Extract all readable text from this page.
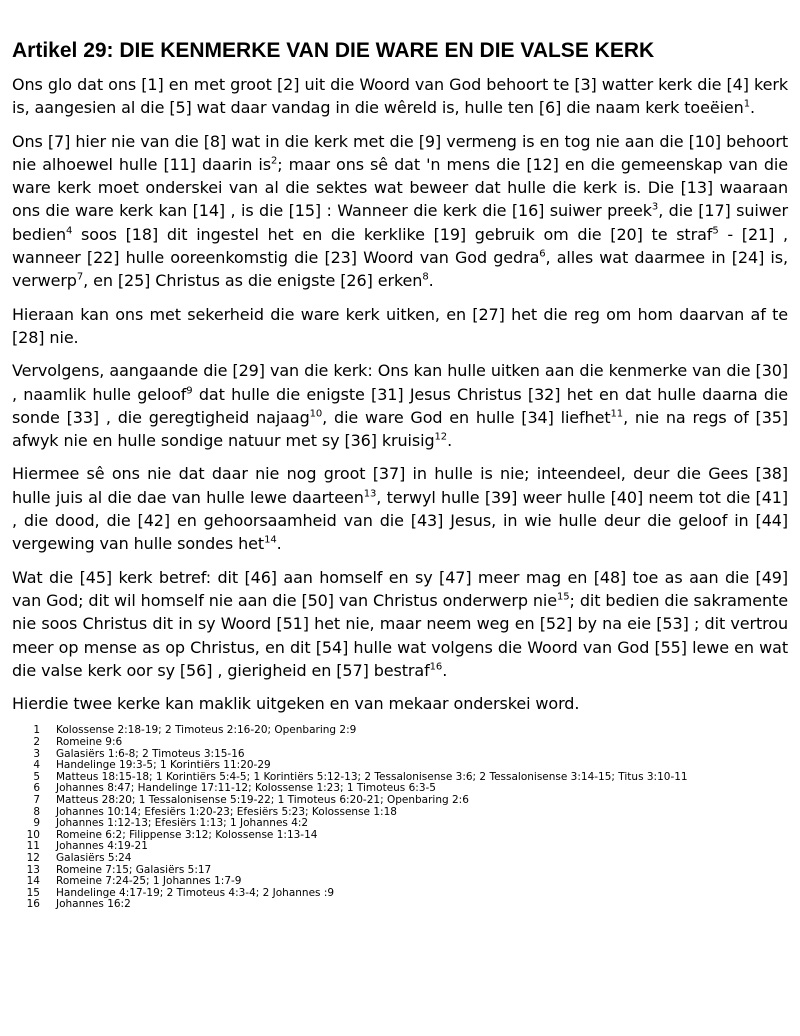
Artikel 29: DIE KENMERKE VAN DIE WARE EN DIE VALSE KERK

Ons glo dat ons [1] en met groot [2] uit die Woord van God behoort te [3] watter kerk die [4] kerk is, aangesien al die [5] wat daar vandag in die wêreld is, hulle ten [6] die naam kerk toeëien$^1$.

Ons [7] hier nie van die [8] wat in die kerk met die [9] vermeng is en tog nie aan die [10] behoort nie alhoewel hulle [11] daarin $is^2$; maar ons sê dat 'n mens die [12] en die gemeenskap van die ware kerk moet onderskei van al die sektes wat beweer dat hulle die kerk is. Die [13] waaraan ons die ware kerk kan [14] , is die [15] : Wanneer die kerk die [16] suiwer preek$^3$, die [17] suiwer bedien$^4$ soos [18] dit ingestel het en die kerklike [19] gebruik om die [20] te straf$^5$ - [21] , wanneer [22] hulle ooreenkomstig die [23] Woord van God gedra$^6$, alles wat daarmee in [24] is, verwerp$^7$, en [25] Christus as die enigste [26] erken$^8$.

Hieraan kan ons met sekerheid die ware kerk uitken, en [27] het die reg om hom daarvan af te [28] nie.

Vervolgens, aangaande die [29] van die kerk: Ons kan hulle uitken aan die kenmerke van die [30] , naamlik hulle geloof$^9$ dat hulle die enigste [31] Jesus Christus [32] het en dat hulle daarna die sonde [33] , die geregtigheid najaag$^{10}$, die ware God en hulle [34] liefhet$^{11}$, nie na regs of [35] afwyk nie en hulle sondige natuur met sy [36] kruisig$^{12}$.

Hiermee sê ons nie dat daar nie nog groot [37] in hulle is nie; inteendeel, deur die Gees [38] hulle juis al die dae van hulle lewe daarteen$^{13}$, terwyl hulle [39] weer hulle [40] neem tot die [41] , die dood, die [42] en gehoorsaamheid van die [43] Jesus, in wie hulle deur die geloof in [44] vergewing van hulle sondes het$^{14}$.

Wat die [45] kerk betref: dit [46] aan homself en sy [47] meer mag en [48] toe as aan die [49] van God; dit wil homself nie aan die [50] van Christus onderwerp nie$^{15}$; dit bedien die sakramente nie soos Christus dit in sy Woord [51] het nie, maar neem weg en [52] by na eie [53] ; dit vertrou meer op mense as op Christus, en dit [54] hulle wat volgens die Woord van God [55] lewe en wat die valse kerk oor sy [56] , gierigheid en [57] bestraf$^{16}$.

Hierdie twee kerke kan maklik uitgeken en van mekaar onderskei word.

1	Kolossense 2:18-19; 2 Timoteus 2:16-20; Openbaring 2:9
2	Romeine 9:6
3	Galasiërs 1:6-8; 2 Timoteus 3:15-16
4	Handelinge 19:3-5; 1 Korintiërs 11:20-29
5	Matteus 18:15-18; 1 Korintiërs 5:4-5; 1 Korintiërs 5:12-13; 2 Tessalonisense 3:6; 2 Tessalonisense 3:14-15; Titus 3:10-11
6	Johannes 8:47; Handelinge 17:11-12; Kolossense 1:23; 1 Timoteus 6:3-5
7	Matteus 28:20; 1 Tessalonisense 5:19-22; 1 Timoteus 6:20-21; Openbaring 2:6
8	Johannes 10:14; Efesiërs 1:20-23; Efesiërs 5:23; Kolossense 1:18
9	Johannes 1:12-13; Efesiërs 1:13; 1 Johannes 4:2
10	Romeine 6:2; Filippense 3:12; Kolossense 1:13-14
11	Johannes 4:19-21
12	Galasiërs 5:24
13	Romeine 7:15; Galasiërs 5:17
14	Romeine 7:24-25; 1 Johannes 1:7-9
15	Handelinge 4:17-19; 2 Timoteus 4:3-4; 2 Johannes :9
16	Johannes 16:2
